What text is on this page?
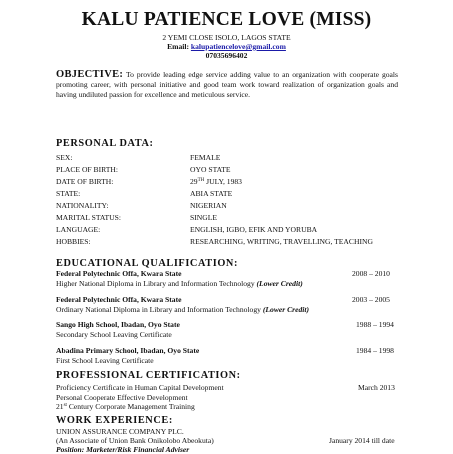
KALU PATIENCE LOVE (MISS)
2 YEMI CLOSE ISOLO, LAGOS STATE
Email: kalupatiencelove@gmail.com
07035696402
OBJECTIVE: To provide leading edge service adding value to an organization with cooperate goals promoting career, with personal initiative and good team work toward realization of organization goals and having undiluted passion for excellence and meticulous service.
PERSONAL DATA:
SEX:	FEMALE
PLACE OF BIRTH:	OYO STATE
DATE OF BIRTH:	29TH JULY, 1983
STATE:	ABIA STATE
NATIONALITY:	NIGERIAN
MARITAL STATUS:	SINGLE
LANGUAGE:	ENGLISH, IGBO, EFIK AND YORUBA
HOBBIES:	RESEARCHING, WRITING, TRAVELLING, TEACHING
EDUCATIONAL QUALIFICATION:
Federal Polytechnic Offa, Kwara State	2008 – 2010
Higher National Diploma in Library and Information Technology (Lower Credit)
Federal Polytechnic Offa, Kwara State	2003 – 2005
Ordinary National Diploma in Library and Information Technology (Lower Credit)
Sango High School, Ibadan, Oyo State	1988 – 1994
Secondary School Leaving Certificate
Abadina Primary School, Ibadan, Oyo State	1984 – 1998
First School Leaving Certificate
PROFESSIONAL CERTIFICATION:
Proficiency Certificate in Human Capital Development	March 2013
Personal Cooperate Effective Development
21st Century Corporate Management Training
WORK EXPERIENCE:
UNION ASSURANCE COMPANY PLC.
(An Associate of Union Bank Onikolobo Abeokuta)	January 2014 till date
Position: Marketer/Risk Financial Adviser
